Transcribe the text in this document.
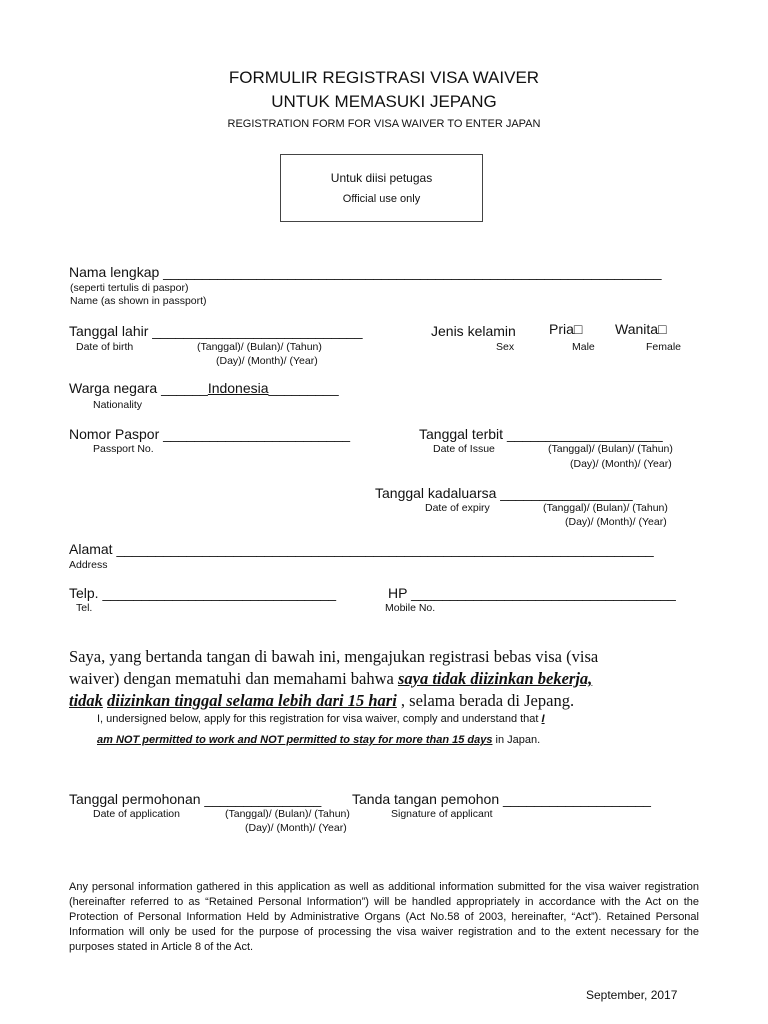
FORMULIR REGISTRASI VISA WAIVER
UNTUK MEMASUKI JEPANG
REGISTRATION FORM FOR VISA WAIVER TO ENTER JAPAN
Untuk diisi petugas
Official use only
Nama lengkap ________________________________________________________________
(seperti tertulis di paspor)
Name (as shown in passport)
Tanggal lahir ___________________________
Date of birth	(Tanggal)/ (Bulan)/ (Tahun)
(Day)/ (Month)/ (Year)
Jenis kelamin Pria□ Wanita□
Sex	Male	Female
Warga negara ______Indonesia_________
Nationality
Nomor Paspor ________________________
Passport No.
Tanggal terbit ____________________
Date of Issue	(Tanggal)/ (Bulan)/ (Tahun)
(Day)/ (Month)/ (Year)
Tanggal kadaluarsa _________________
Date of expiry	(Tanggal)/ (Bulan)/ (Tahun)
(Day)/ (Month)/ (Year)
Alamat _____________________________________________________________________
Address
Telp. ______________________________
Tel.
HP __________________________________
Mobile No.
Saya, yang bertanda tangan di bawah ini, mengajukan registrasi bebas visa (visa
waiver) dengan mematuhi dan memahami bahwa saya tidak diizinkan bekerja,
tidak diizinkan tinggal selama lebih dari 15 hari , selama berada di Jepang.
I, undersigned below, apply for this registration for visa waiver, comply and understand that I
am NOT permitted to work and NOT permitted to stay for more than 15 days in Japan.
Tanggal permohonan _______________
Date of application	(Tanggal)/ (Bulan)/ (Tahun)
(Day)/ (Month)/ (Year)
Tanda tangan pemohon ___________________
Signature of applicant
Any personal information gathered in this application as well as additional information submitted for the visa waiver registration (hereinafter referred to as “Retained Personal Information”) will be handled appropriately in accordance with the Act on the Protection of Personal Information Held by Administrative Organs (Act No.58 of 2003, hereinafter, “Act”). Retained Personal Information will only be used for the purpose of processing the visa waiver registration and to the extent necessary for the purposes stated in Article 8 of the Act.
September, 2017
